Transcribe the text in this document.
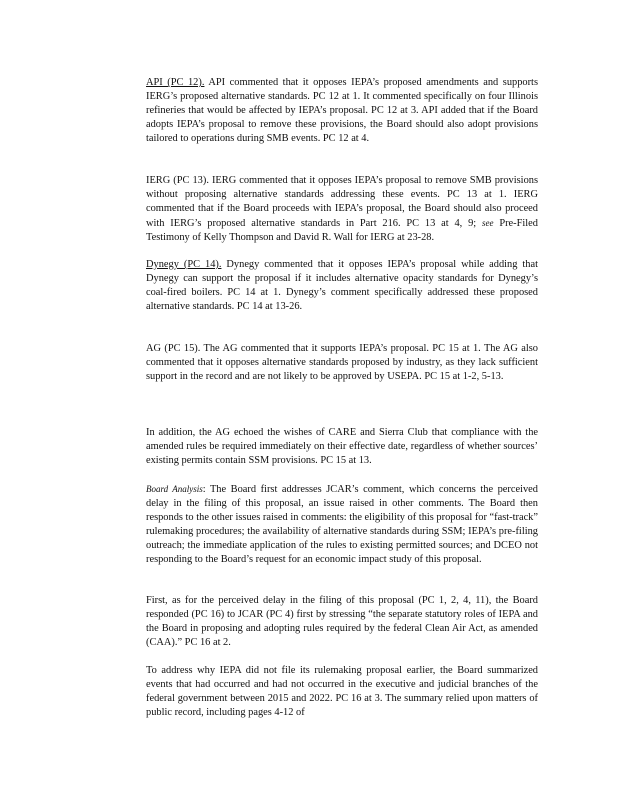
API (PC 12). API commented that it opposes IEPA’s proposed amendments and supports IERG’s proposed alternative standards. PC 12 at 1. It commented specifically on four Illinois refineries that would be affected by IEPA’s proposal. PC 12 at 3. API added that if the Board adopts IEPA’s proposal to remove these provisions, the Board should also adopt provisions tailored to operations during SMB events. PC 12 at 4.

IERG (PC 13). IERG commented that it opposes IEPA’s proposal to remove SMB provisions without proposing alternative standards addressing these events. PC 13 at 1. IERG commented that if the Board proceeds with IEPA’s proposal, the Board should also proceed with IERG’s proposed alternative standards in Part 216. PC 13 at 4, 9; see Pre-Filed Testimony of Kelly Thompson and David R. Wall for IERG at 23-28.

Dynegy (PC 14). Dynegy commented that it opposes IEPA’s proposal while adding that Dynegy can support the proposal if it includes alternative opacity standards for Dynegy’s coal-fired boilers. PC 14 at 1. Dynegy’s comment specifically addressed these proposed alternative standards. PC 14 at 13-26.

AG (PC 15). The AG commented that it supports IEPA’s proposal. PC 15 at 1. The AG also commented that it opposes alternative standards proposed by industry, as they lack sufficient support in the record and are not likely to be approved by USEPA. PC 15 at 1-2, 5-13.

In addition, the AG echoed the wishes of CARE and Sierra Club that compliance with the amended rules be required immediately on their effective date, regardless of whether sources’ existing permits contain SSM provisions. PC 15 at 13.

Board Analysis: The Board first addresses JCAR’s comment, which concerns the perceived delay in the filing of this proposal, an issue raised in other comments. The Board then responds to the other issues raised in comments: the eligibility of this proposal for “fast-track” rulemaking procedures; the availability of alternative standards during SSM; IEPA’s pre-filing outreach; the immediate application of the rules to existing permitted sources; and DCEO not responding to the Board’s request for an economic impact study of this proposal.

First, as for the perceived delay in the filing of this proposal (PC 1, 2, 4, 11), the Board responded (PC 16) to JCAR (PC 4) first by stressing “the separate statutory roles of IEPA and the Board in proposing and adopting rules required by the federal Clean Air Act, as amended (CAA).” PC 16 at 2.

To address why IEPA did not file its rulemaking proposal earlier, the Board summarized events that had occurred and had not occurred in the executive and judicial branches of the federal government between 2015 and 2022. PC 16 at 3. The summary relied upon matters of public record, including pages 4-12 of
